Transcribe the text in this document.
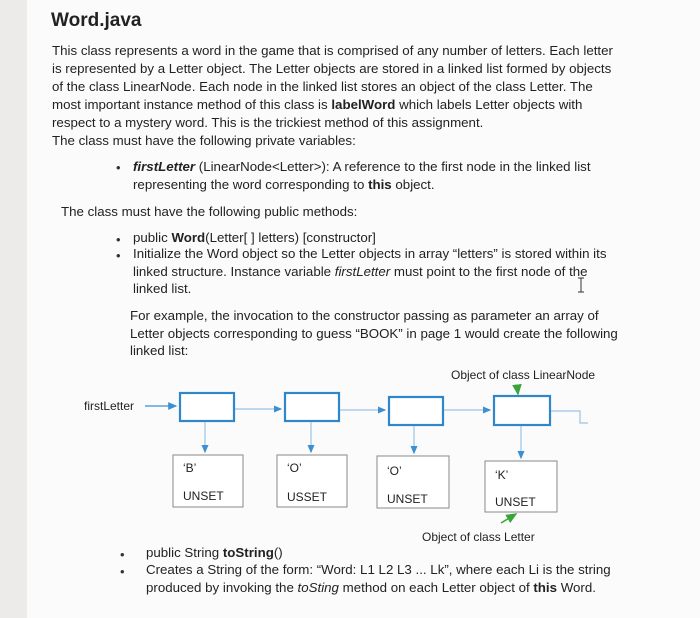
Word.java
This class represents a word in the game that is comprised of any number of letters. Each letter
is represented by a Letter object. The Letter objects are stored in a linked list formed by objects
of the class LinearNode. Each node in the linked list stores an object of the class Letter. The
most important instance method of this class is labelWord which labels Letter objects with
respect to a mystery word. This is the trickiest method of this assignment.
The class must have the following private variables:
• firstLetter (LinearNode<Letter>): A reference to the first node in the linked list
representing the word corresponding to this object.
The class must have the following public methods:
•
•
public Word(Letter[ ] letters) [constructor]
Initialize the Word object so the Letter objects in array “letters” is stored within its
linked structure. Instance variable firstLetter must point to the first node of the
linked list.
For example, the invocation to the constructor passing as parameter an array of
Letter objects corresponding to guess “BOOK” in page 1 would create the following
linked list:
Object of class LinearNode
firstLetter
Object of class Letter
‘B’
UNSET
‘O’
USSET
‘O’
UNSET
‘K’
UNSET
•
•
public String toString()
Creates a String of the form: “Word: L1 L2 L3 ... Lk”, where each Li is the string
produced by invoking the toSting method on each Letter object of this Word.
